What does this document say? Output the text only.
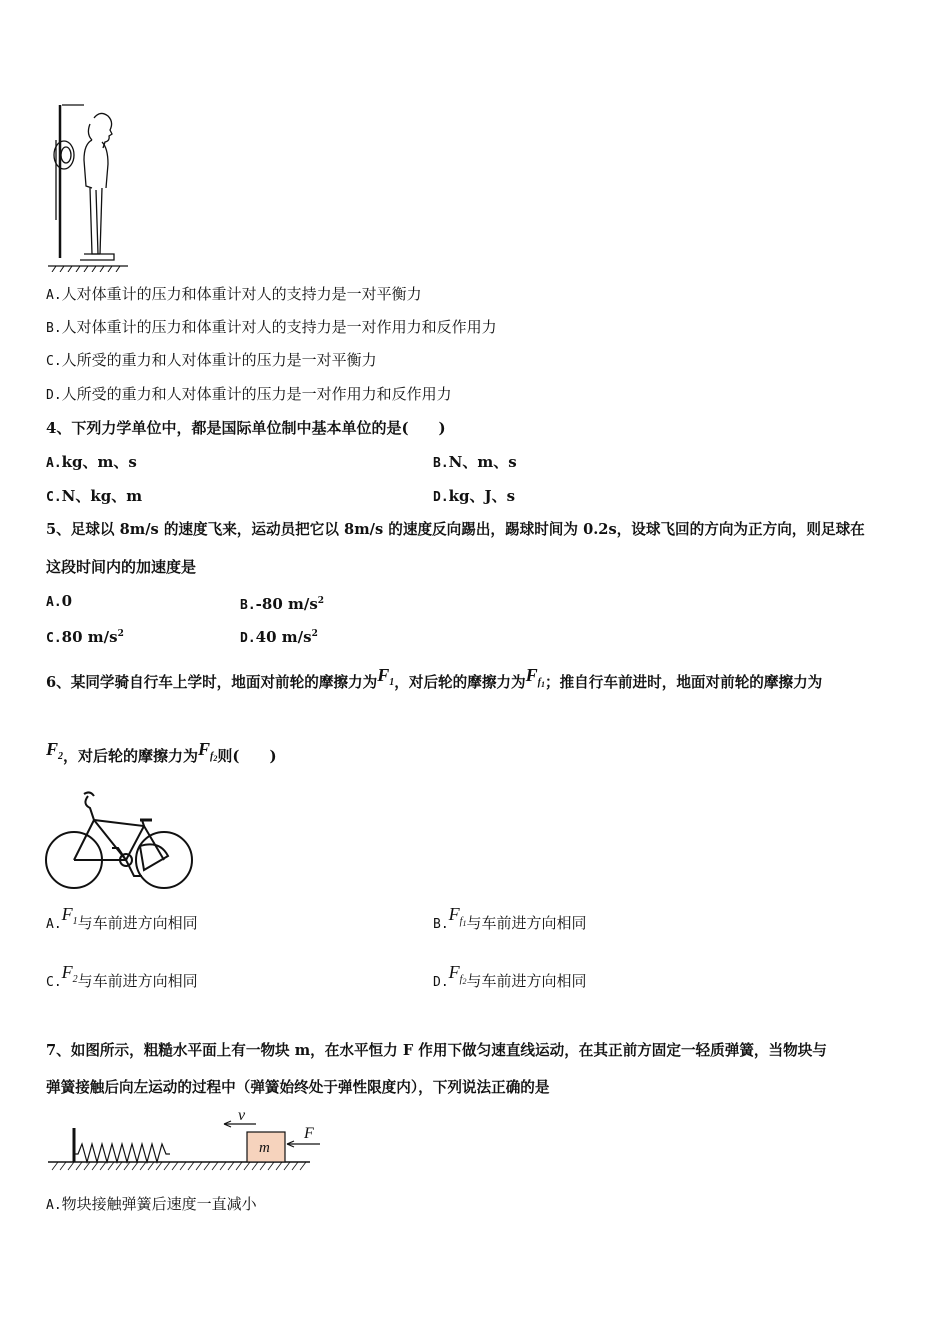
A.人对体重计的压力和体重计对人的支持力是一对平衡力
B.人对体重计的压力和体重计对人的支持力是一对作用力和反作用力
C.人所受的重力和人对体重计的压力是一对平衡力
D.人所受的重力和人对体重计的压力是一对作用力和反作用力
4、下列力学单位中，都是国际单位制中基本单位的是(　　)
A.kg、m、s	B.N、m、s
C.N、kg、m	D.kg、J、s
5、足球以 8m/s 的速度飞来，运动员把它以 8m/s 的速度反向踢出，踢球时间为 0.2s，设球飞回的方向为正方向，则足球在
这段时间内的加速度是
A.0	B.-80 $m/s^2$
C.80 $m/s^2$	D.40 $m/s^2$
6、某同学骑自行车上学时，地面对前轮的摩擦力为$F_1$，对后轮的摩擦力为$F_{f1}$；推自行车前进时，地面对前轮的摩擦力为
$F_2$，对后轮的摩擦力为$F_{f2}$则(　　)
$A.F_1$与车前进方向相同	$B.F_{f1}$与车前进方向相同
$C.F_2$与车前进方向相同	$D.F_{f2}$与车前进方向相同
7、如图所示，粗糙水平面上有一物块 m，在水平恒力 F 作用下做匀速直线运动，在其正前方固定一轻质弹簧，当物块与
弹簧接触后向左运动的过程中（弹簧始终处于弹性限度内），下列说法正确的是
v
m
F
A.物块接触弹簧后速度一直减小
